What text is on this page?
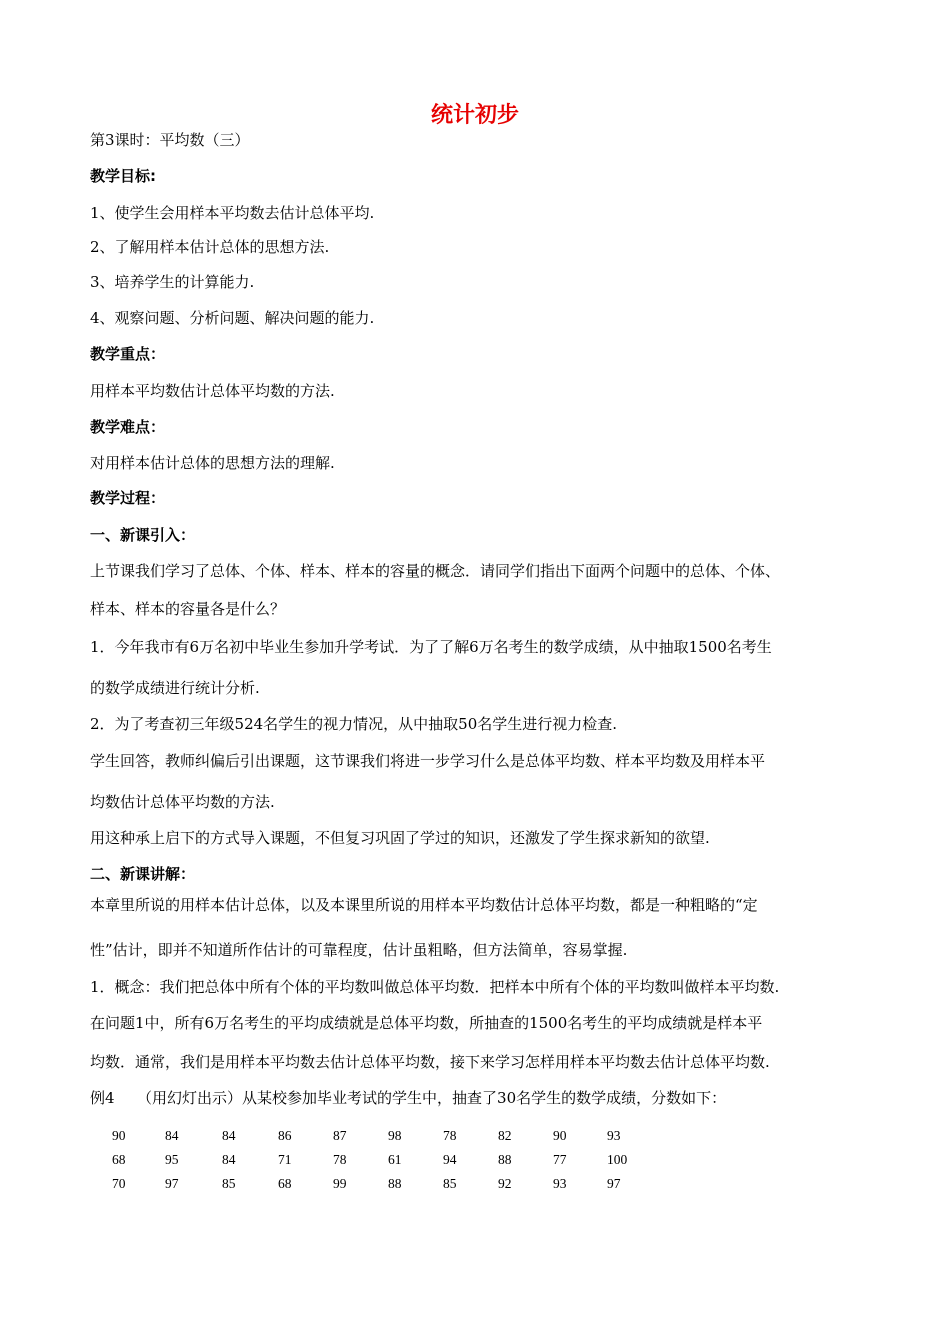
统计初步
第3课时：平均数（三）
教学目标:
1、使学生会用样本平均数去估计总体平均.
2、了解用样本估计总体的思想方法.
3、培养学生的计算能力.
4、观察问题、分析问题、解决问题的能力.
教学重点：
用样本平均数估计总体平均数的方法.
教学难点：
对用样本估计总体的思想方法的理解.
教学过程：
一、新课引入：
上节课我们学习了总体、个体、样本、样本的容量的概念．请同学们指出下面两个问题中的总体、个体、
样本、样本的容量各是什么？
1．今年我市有6万名初中毕业生参加升学考试．为了了解6万名考生的数学成绩，从中抽取1500名考生
的数学成绩进行统计分析.
2．为了考查初三年级524名学生的视力情况，从中抽取50名学生进行视力检查.
学生回答，教师纠偏后引出课题，这节课我们将进一步学习什么是总体平均数、样本平均数及用样本平
均数估计总体平均数的方法.
用这种承上启下的方式导入课题，不但复习巩固了学过的知识，还激发了学生探求新知的欲望.
二、新课讲解：
本章里所说的用样本估计总体，以及本课里所说的用样本平均数估计总体平均数，都是一种粗略的“定
性”估计，即并不知道所作估计的可靠程度，估计虽粗略，但方法简单，容易掌握.
1．概念：我们把总体中所有个体的平均数叫做总体平均数．把样本中所有个体的平均数叫做样本平均数.
在问题1中，所有6万名考生的平均成绩就是总体平均数，所抽查的1500名考生的平均成绩就是样本平
均数．通常，我们是用样本平均数去估计总体平均数，接下来学习怎样用样本平均数去估计总体平均数.
例4　　（用幻灯出示）从某校参加毕业考试的学生中，抽查了30名学生的数学成绩，分数如下：
90	84	84	86	87	98	78	82	90	93
68	95	84	71	78	61	94	88	77	100
70	97	85	68	99	88	85	92	93	97
